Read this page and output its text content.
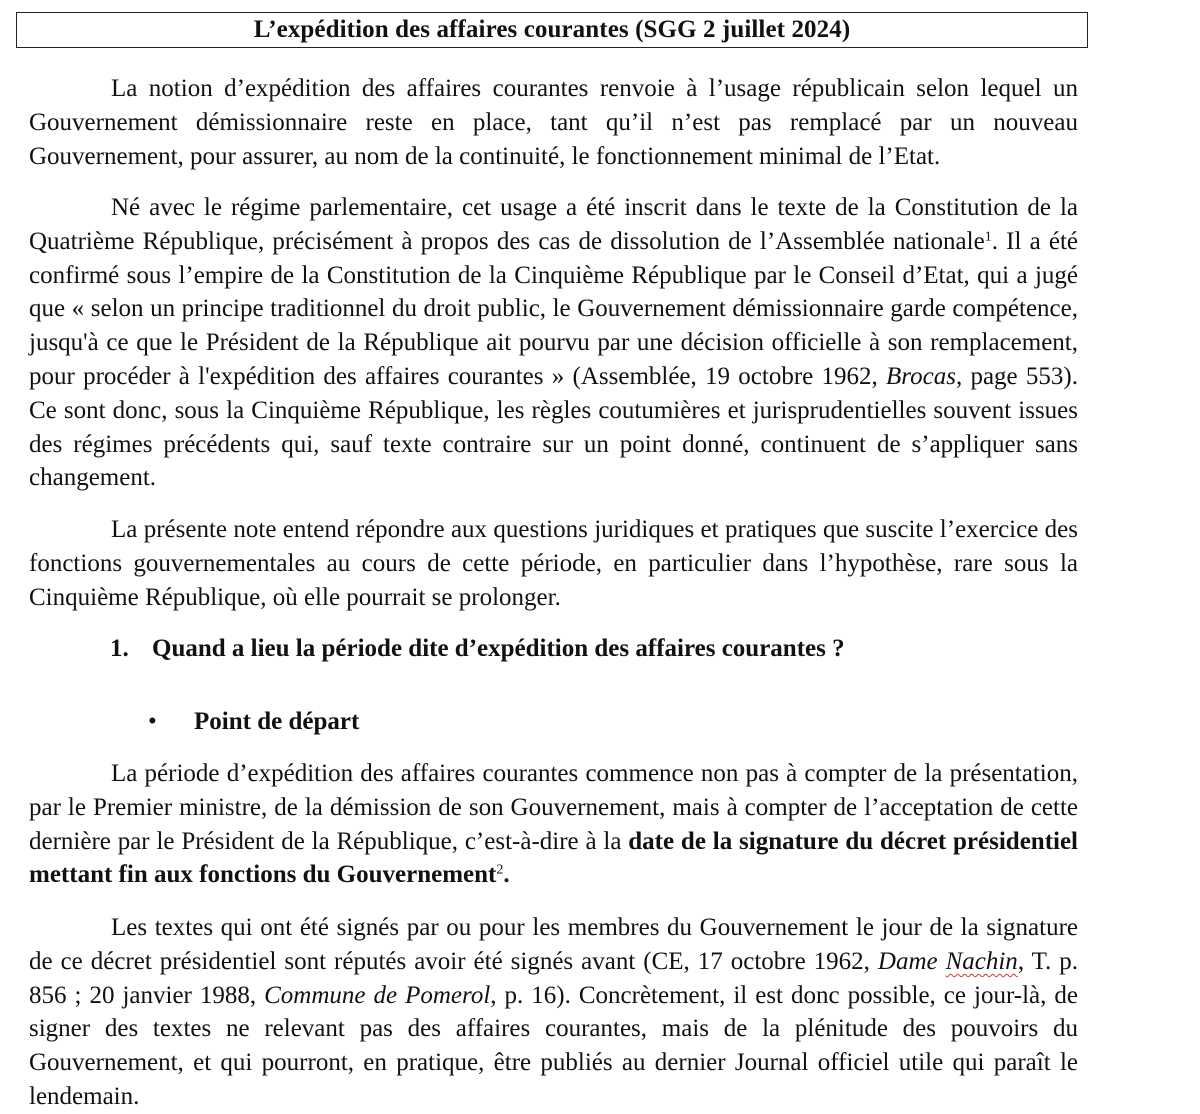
L’expédition des affaires courantes (SGG 2 juillet 2024)

La notion d’expédition des affaires courantes renvoie à l’usage républicain selon lequel un Gouvernement démissionnaire reste en place, tant qu’il n’est pas remplacé par un nouveau Gouvernement, pour assurer, au nom de la continuité, le fonctionnement minimal de l’Etat.

Né avec le régime parlementaire, cet usage a été inscrit dans le texte de la Constitution de la Quatrième République, précisément à propos des cas de dissolution de l’Assemblée nationale$^1$. Il a été confirmé sous l’empire de la Constitution de la Cinquième République par le Conseil d’Etat, qui a jugé que « selon un principe traditionnel du droit public, le Gouvernement démissionnaire garde compétence, jusqu'à ce que le Président de la République ait pourvu par une décision officielle à son remplacement, pour procéder à l'expédition des affaires courantes » (Assemblée, 19 octobre 1962, Brocas, page 553). Ce sont donc, sous la Cinquième République, les règles coutumières et jurisprudentielles souvent issues des régimes précédents qui, sauf texte contraire sur un point donné, continuent de s’appliquer sans changement.

La présente note entend répondre aux questions juridiques et pratiques que suscite l’exercice des fonctions gouvernementales au cours de cette période, en particulier dans l’hypothèse, rare sous la Cinquième République, où elle pourrait se prolonger.

1. Quand a lieu la période dite d’expédition des affaires courantes ?
• Point de départ

La période d’expédition des affaires courantes commence non pas à compter de la présentation, par le Premier ministre, de la démission de son Gouvernement, mais à compter de l’acceptation de cette dernière par le Président de la République, c’est-à-dire à la date de la signature du décret présidentiel mettant fin aux fonctions du Gouvernement$^2$.

Les textes qui ont été signés par ou pour les membres du Gouvernement le jour de la signature de ce décret présidentiel sont réputés avoir été signés avant (CE, 17 octobre 1962, Dame Nachin, T. p. 856 ; 20 janvier 1988, Commune de Pomerol, p. 16). Concrètement, il est donc possible, ce jour-là, de signer des textes ne relevant pas des affaires courantes, mais de la plénitude des pouvoirs du Gouvernement, et qui pourront, en pratique, être publiés au dernier Journal officiel utile qui paraît le lendemain.
